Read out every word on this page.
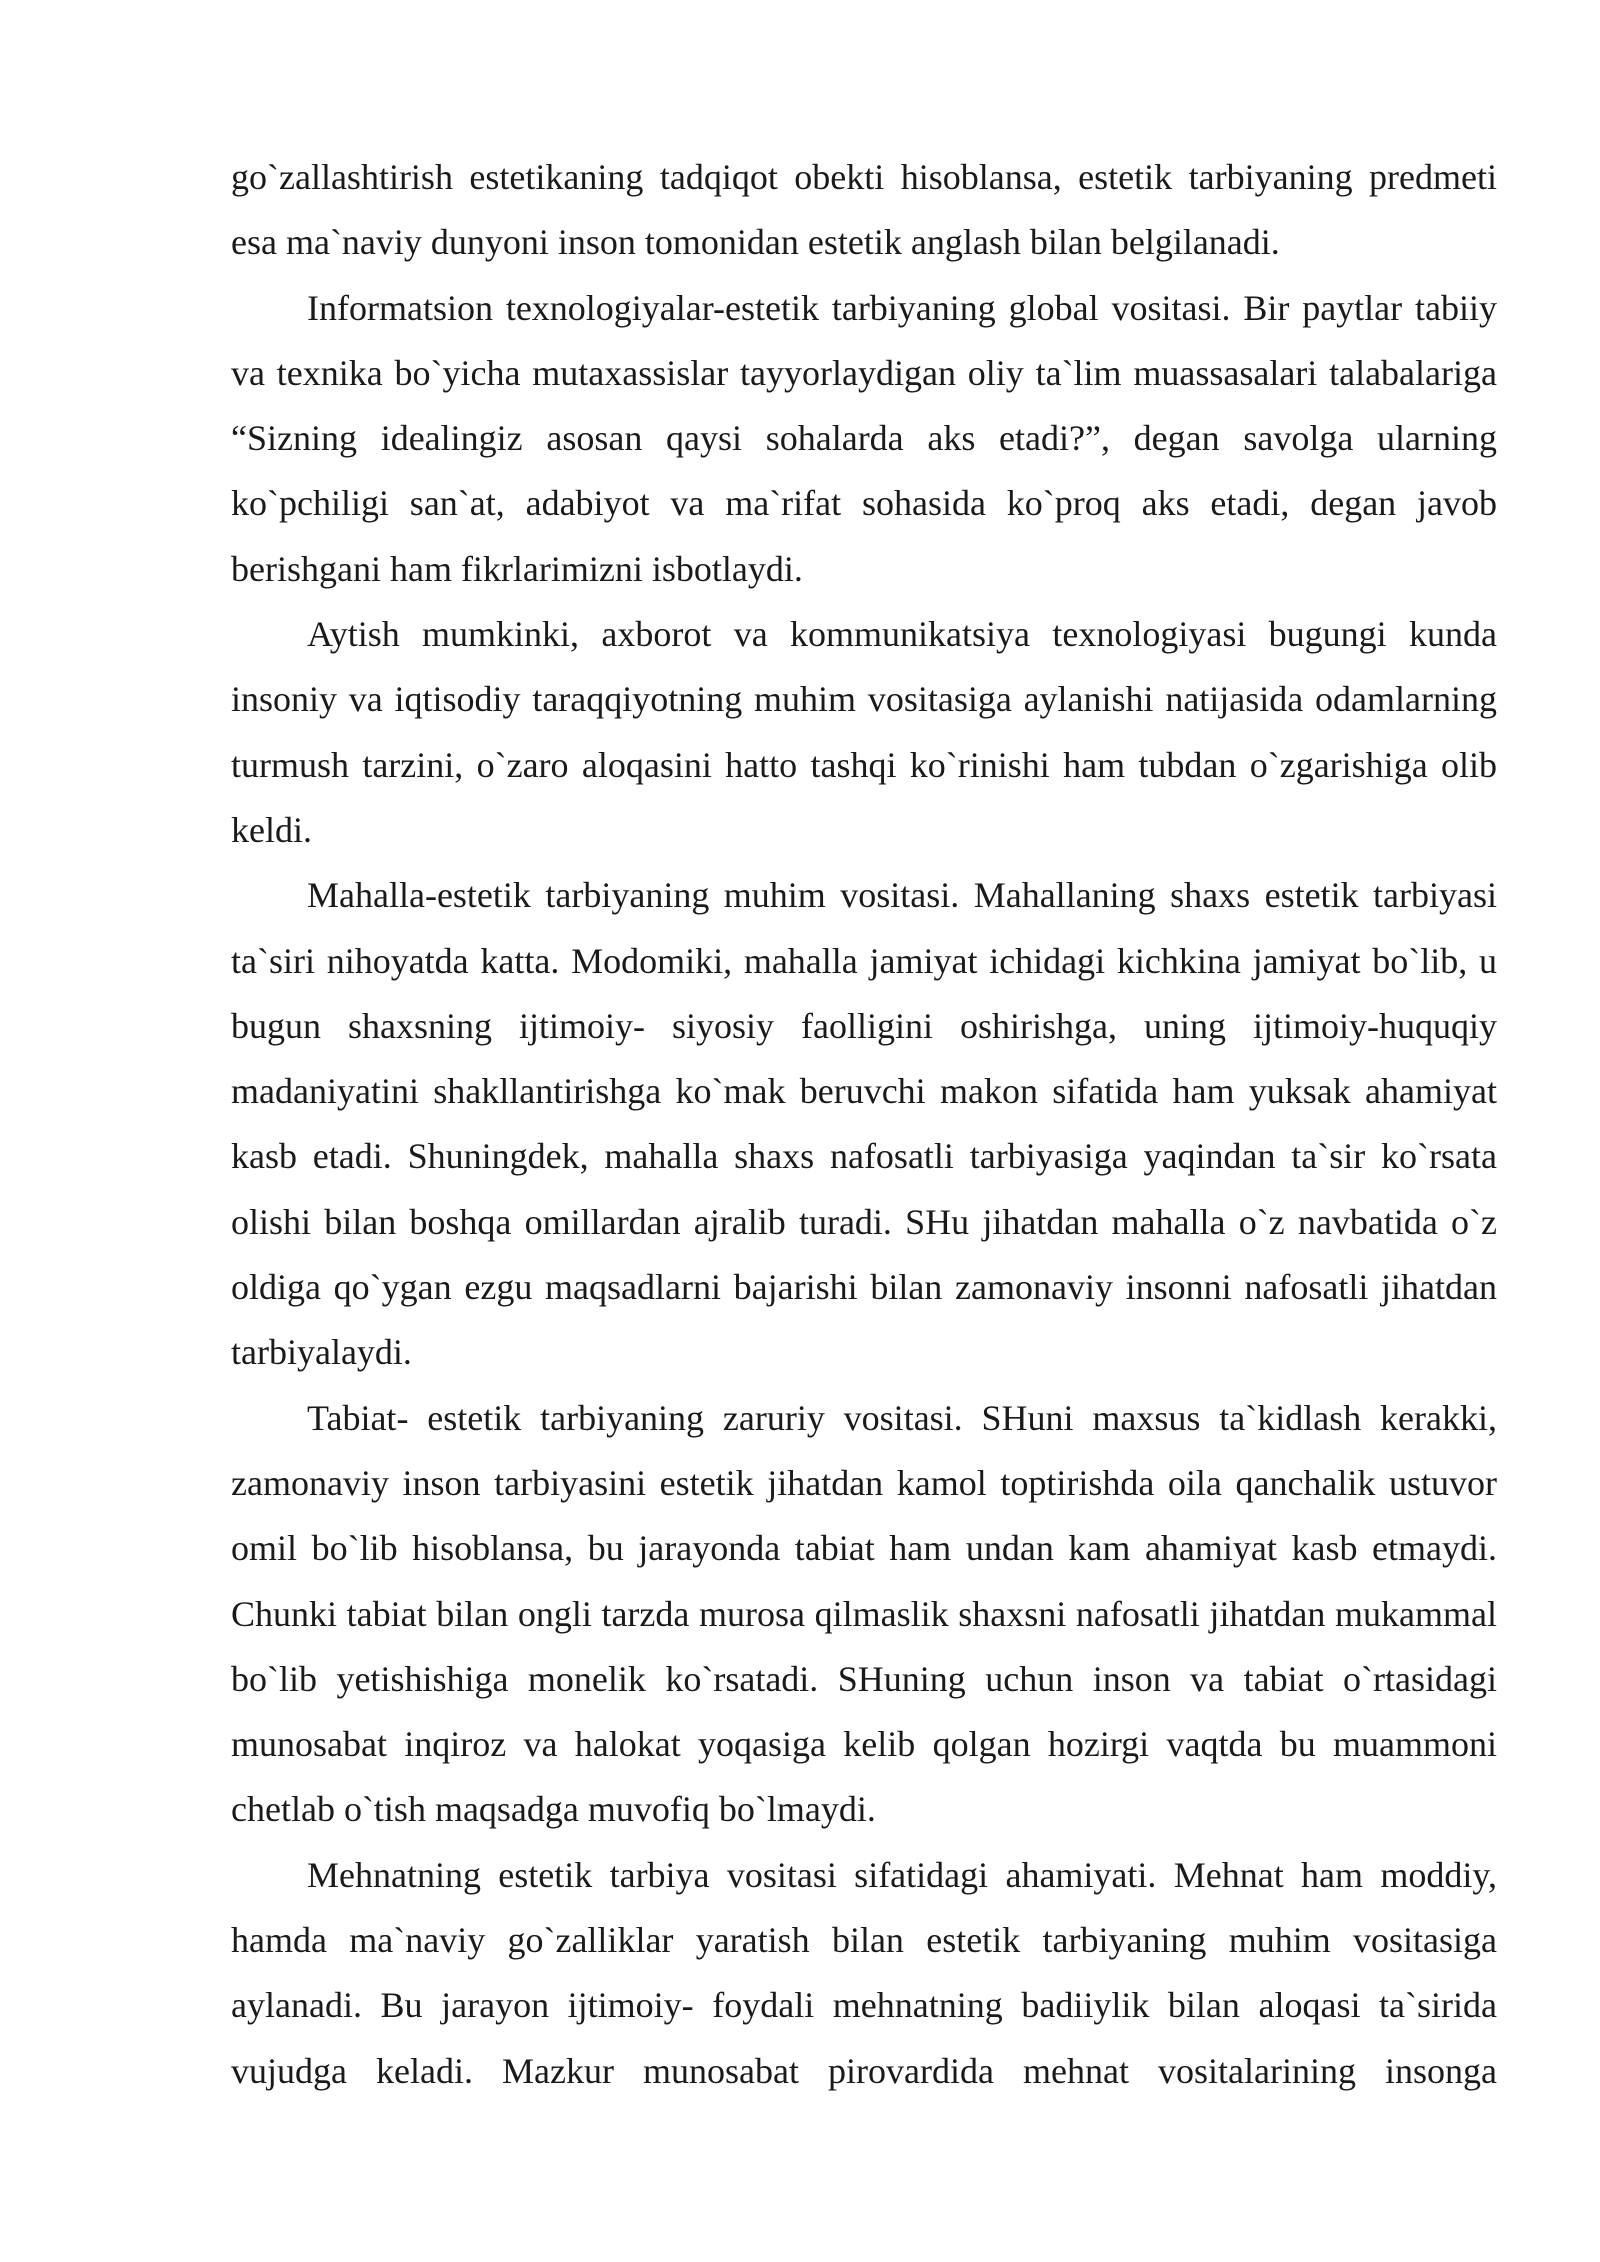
go`zallashtirish estetikaning tadqiqot obekti hisoblansa, estetik tarbiyaning predmeti esa ma`naviy dunyoni inson tomonidan estetik anglash bilan belgilanadi.

Informatsion texnologiyalar-estetik tarbiyaning global vositasi. Bir paytlar tabiiy va texnika bo`yicha mutaxassislar tayyorlaydigan oliy ta`lim muassasalari talabalariga “Sizning idealingiz asosan qaysi sohalarda aks etadi?”, degan savolga ularning ko`pchiligi san`at, adabiyot va ma`rifat sohasida ko`proq aks etadi, degan javob berishgani ham fikrlarimizni isbotlaydi.

Aytish mumkinki, axborot va kommunikatsiya texnologiyasi bugungi kunda insoniy va iqtisodiy taraqqiyotning muhim vositasiga aylanishi natijasida odamlarning turmush tarzini, o`zaro aloqasini hatto tashqi ko`rinishi ham tubdan o`zgarishiga olib keldi.

Mahalla-estetik tarbiyaning muhim vositasi. Mahallaning shaxs estetik tarbiyasi ta`siri nihoyatda katta. Modomiki, mahalla jamiyat ichidagi kichkina jamiyat bo`lib, u bugun shaxsning ijtimoiy- siyosiy faolligini oshirishga, uning ijtimoiy-huquqiy madaniyatini shakllantirishga ko`mak beruvchi makon sifatida ham yuksak ahamiyat kasb etadi. Shuningdek, mahalla shaxs nafosatli tarbiyasiga yaqindan ta`sir ko`rsata olishi bilan boshqa omillardan ajralib turadi. SHu jihatdan mahalla o`z navbatida o`z oldiga qo`ygan ezgu maqsadlarni bajarishi bilan zamonaviy insonni nafosatli jihatdan tarbiyalaydi.

Tabiat- estetik tarbiyaning zaruriy vositasi. SHuni maxsus ta`kidlash kerakki, zamonaviy inson tarbiyasini estetik jihatdan kamol toptirishda oila qanchalik ustuvor omil bo`lib hisoblansa, bu jarayonda tabiat ham undan kam ahamiyat kasb etmaydi. Chunki tabiat bilan ongli tarzda murosa qilmaslik shaxsni nafosatli jihatdan mukammal bo`lib yetishishiga monelik ko`rsatadi. SHuning uchun inson va tabiat o`rtasidagi munosabat inqiroz va halokat yoqasiga kelib qolgan hozirgi vaqtda bu muammoni chetlab o`tish maqsadga muvofiq bo`lmaydi.

Mehnatning estetik tarbiya vositasi sifatidagi ahamiyati. Mehnat ham moddiy, hamda ma`naviy go`zalliklar yaratish bilan estetik tarbiyaning muhim vositasiga aylanadi. Bu jarayon ijtimoiy- foydali mehnatning badiiylik bilan aloqasi ta`sirida vujudga keladi. Mazkur munosabat pirovardida mehnat vositalarining insonga
